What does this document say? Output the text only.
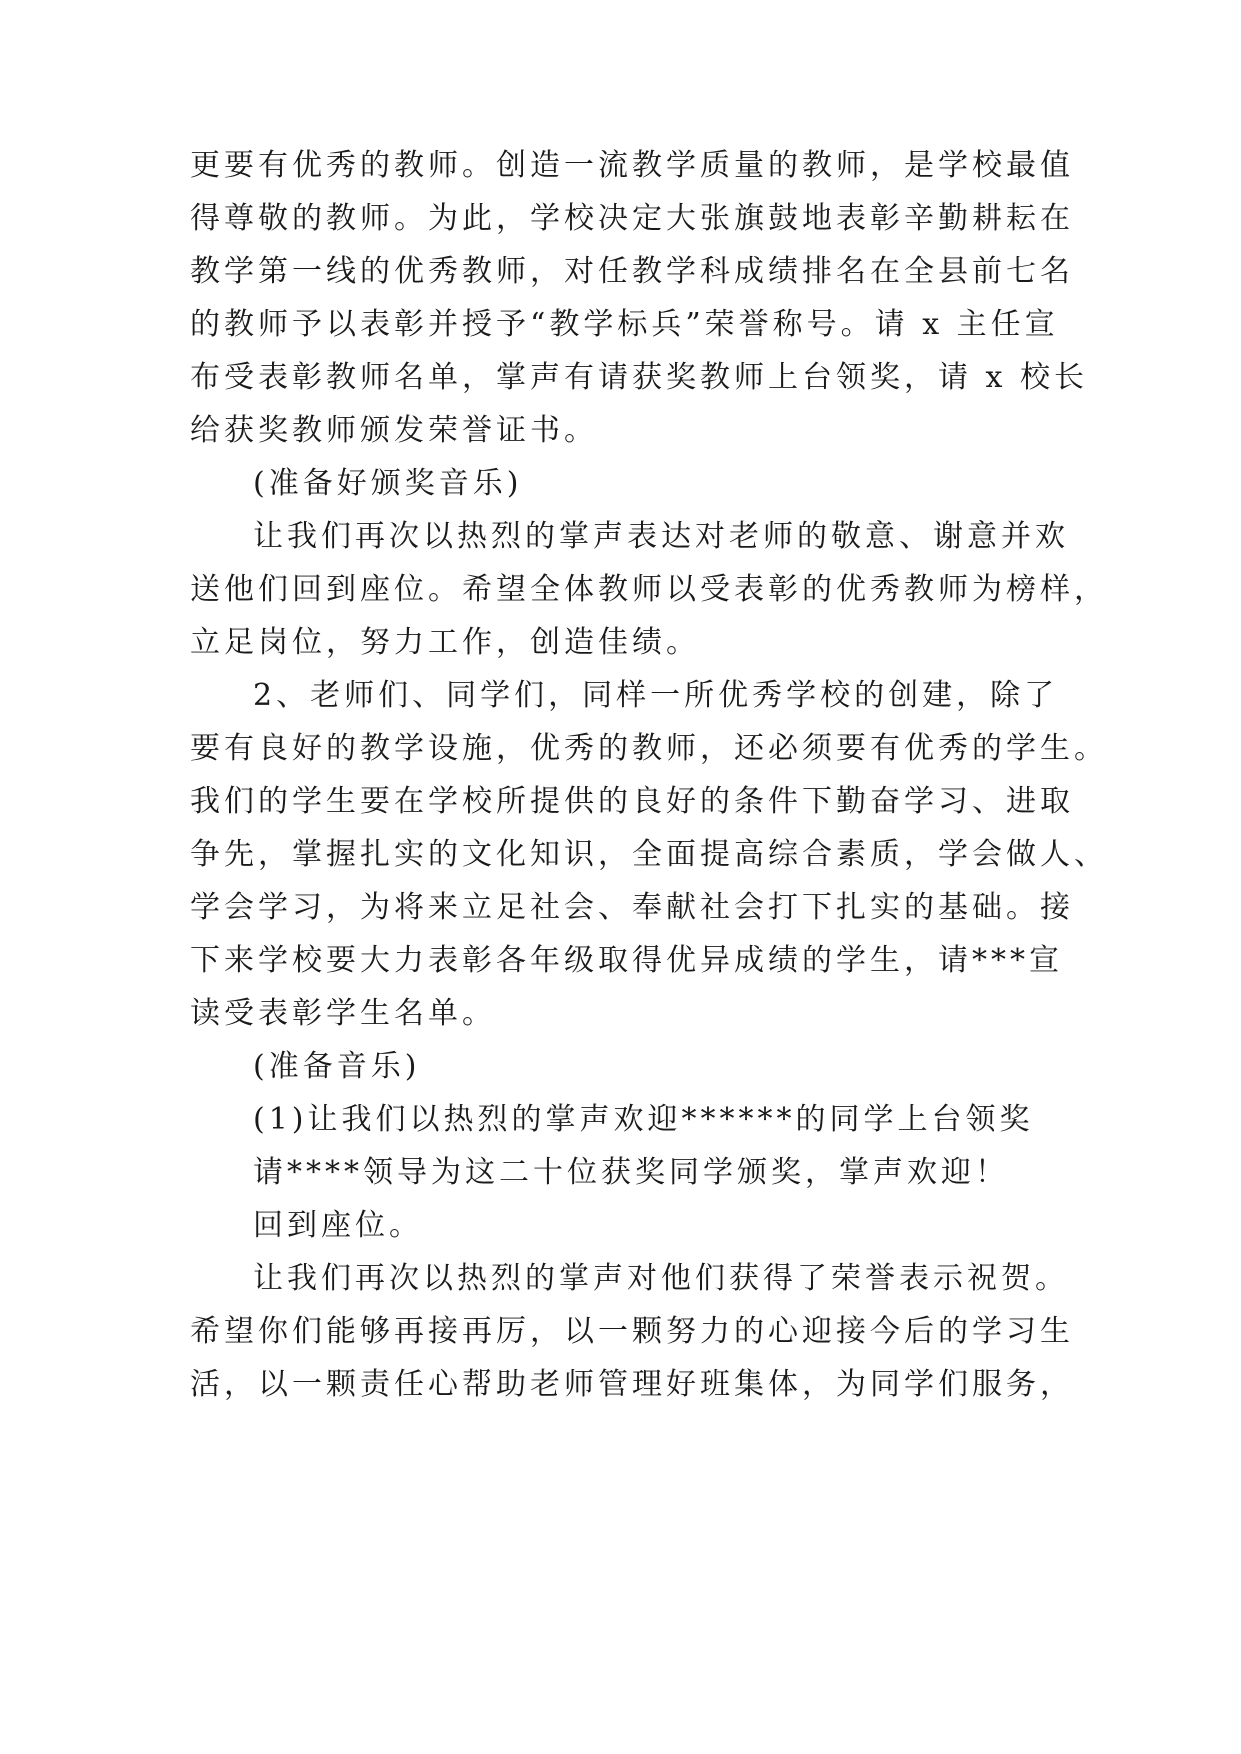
更要有优秀的教师。创造一流教学质量的教师，是学校最值
得尊敬的教师。为此，学校决定大张旗鼓地表彰辛勤耕耘在
教学第一线的优秀教师，对任教学科成绩排名在全县前七名
的教师予以表彰并授予“教学标兵”荣誉称号。请 x 主任宣
布受表彰教师名单，掌声有请获奖教师上台领奖，请 x 校长
给获奖教师颁发荣誉证书。
(准备好颁奖音乐)
让我们再次以热烈的掌声表达对老师的敬意、谢意并欢
送他们回到座位。希望全体教师以受表彰的优秀教师为榜样，
立足岗位，努力工作，创造佳绩。
2、老师们、同学们，同样一所优秀学校的创建，除了
要有良好的教学设施，优秀的教师，还必须要有优秀的学生。
我们的学生要在学校所提供的良好的条件下勤奋学习、进取
争先，掌握扎实的文化知识，全面提高综合素质，学会做人、
学会学习，为将来立足社会、奉献社会打下扎实的基础。接
下来学校要大力表彰各年级取得优异成绩的学生，请***宣
读受表彰学生名单。
(准备音乐)
(1)让我们以热烈的掌声欢迎******的同学上台领奖
请****领导为这二十位获奖同学颁奖，掌声欢迎！
回到座位。
让我们再次以热烈的掌声对他们获得了荣誉表示祝贺。
希望你们能够再接再厉，以一颗努力的心迎接今后的学习生
活，以一颗责任心帮助老师管理好班集体，为同学们服务，
